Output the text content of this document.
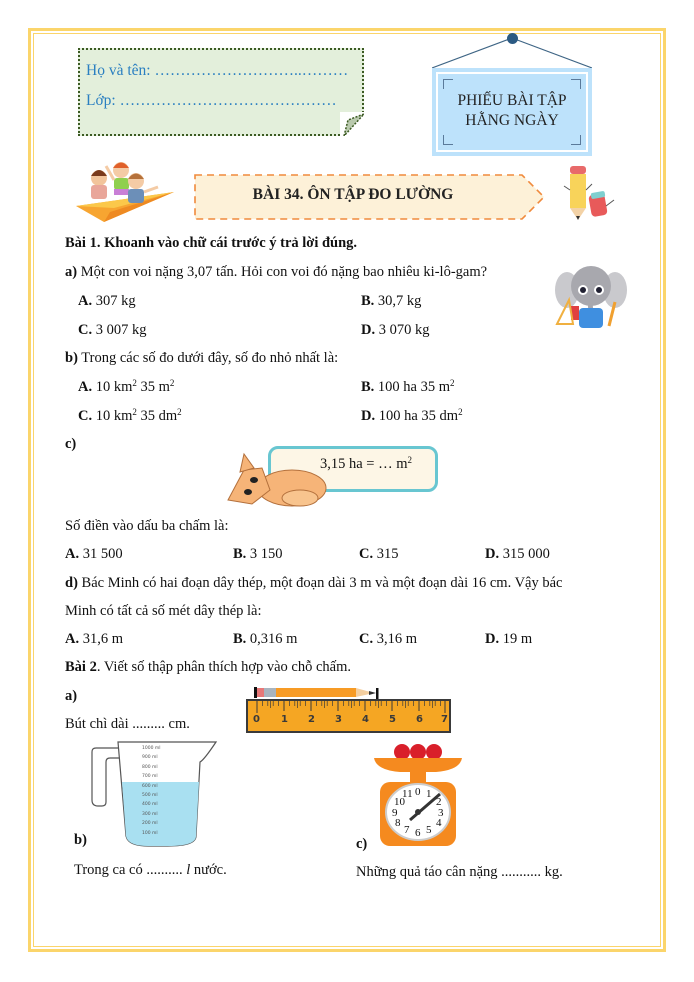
Họ và tên: ………………………..………
Lớp: ……………………………………	PHIẾU BÀI TẬP
HẰNG NGÀY
BÀI 34. ÔN TẬP ĐO LƯỜNG
Bài 1. Khoanh vào chữ cái trước ý trả lời đúng.
a) Một con voi nặng 3,07 tấn. Hỏi con voi đó nặng bao nhiêu ki-lô-gam?
A. 307 kg	B. 30,7 kg
C. 3 007 kg	D. 3 070 kg
b) Trong các số đo dưới đây, số đo nhỏ nhất là:
A. 10 $km^2$ 35 $m^2$	B. 100 ha 35 $m^2$
C. 10 $km^2$ 35 $dm^2$	D. 100 ha 35 $dm^2$
c)
3,15 ha = … $m^2$
Số điền vào dấu ba chấm là:
A. 31 500	B. 3 150	C. 315	D. 315 000
d) Bác Minh có hai đoạn dây thép, một đoạn dài 3 m và một đoạn dài 16 cm. Vậy bác
Minh có tất cả số mét dây thép là:
A. 31,6 m	B. 0,316 m	C. 3,16 m	D. 19 m
Bài 2. Viết số thập phân thích hợp vào chỗ chấm.
a)
Bút chì dài ......... cm.	0 1 2 3 4 5 6 7
1000 ml
900 ml
800 ml
700 ml
600 ml
500 ml
400 ml
300 ml
200 ml
100 ml
b)
Trong ca có .......... l nước.
0 1
2
3
4
5
6
7
8
9
10
11
c)
Những quả táo cân nặng ........... kg.
